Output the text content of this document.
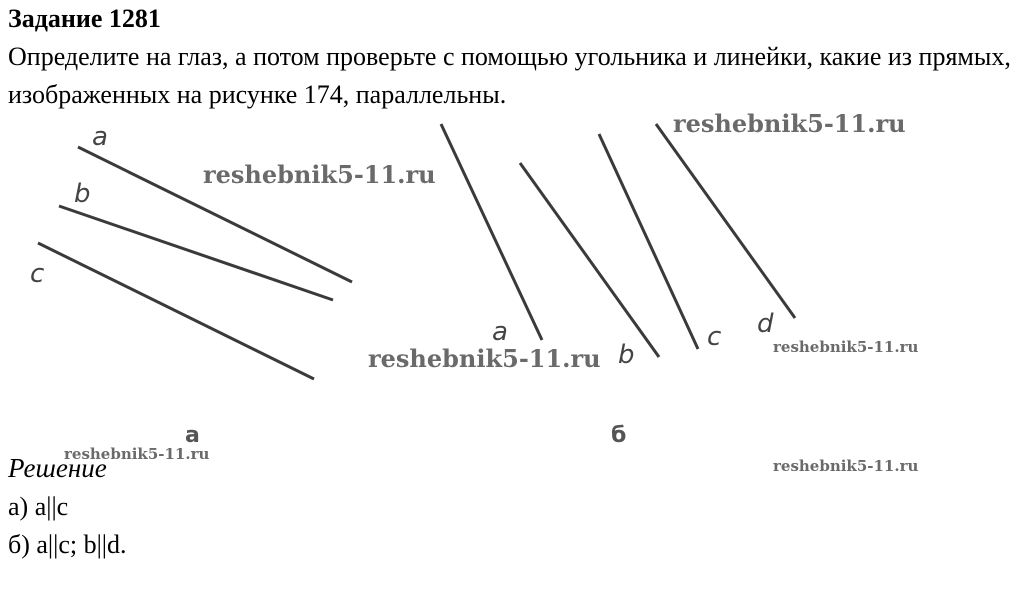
Задание 1281
Определите на глаз, а потом проверьте с помощью угольника и линейки, какие из прямых, изображенных на рисунке 174, параллельны.
a
b
c
а
a
b
c d
б
reshebnik5-11.ru
reshebnik5-11.ru
reshebnik5-11.ru	reshebnik5-11.ru
reshebnik5-11.ru
Решение	reshebnik5-11.ru
а) a||c
б) a||c; b||d.
